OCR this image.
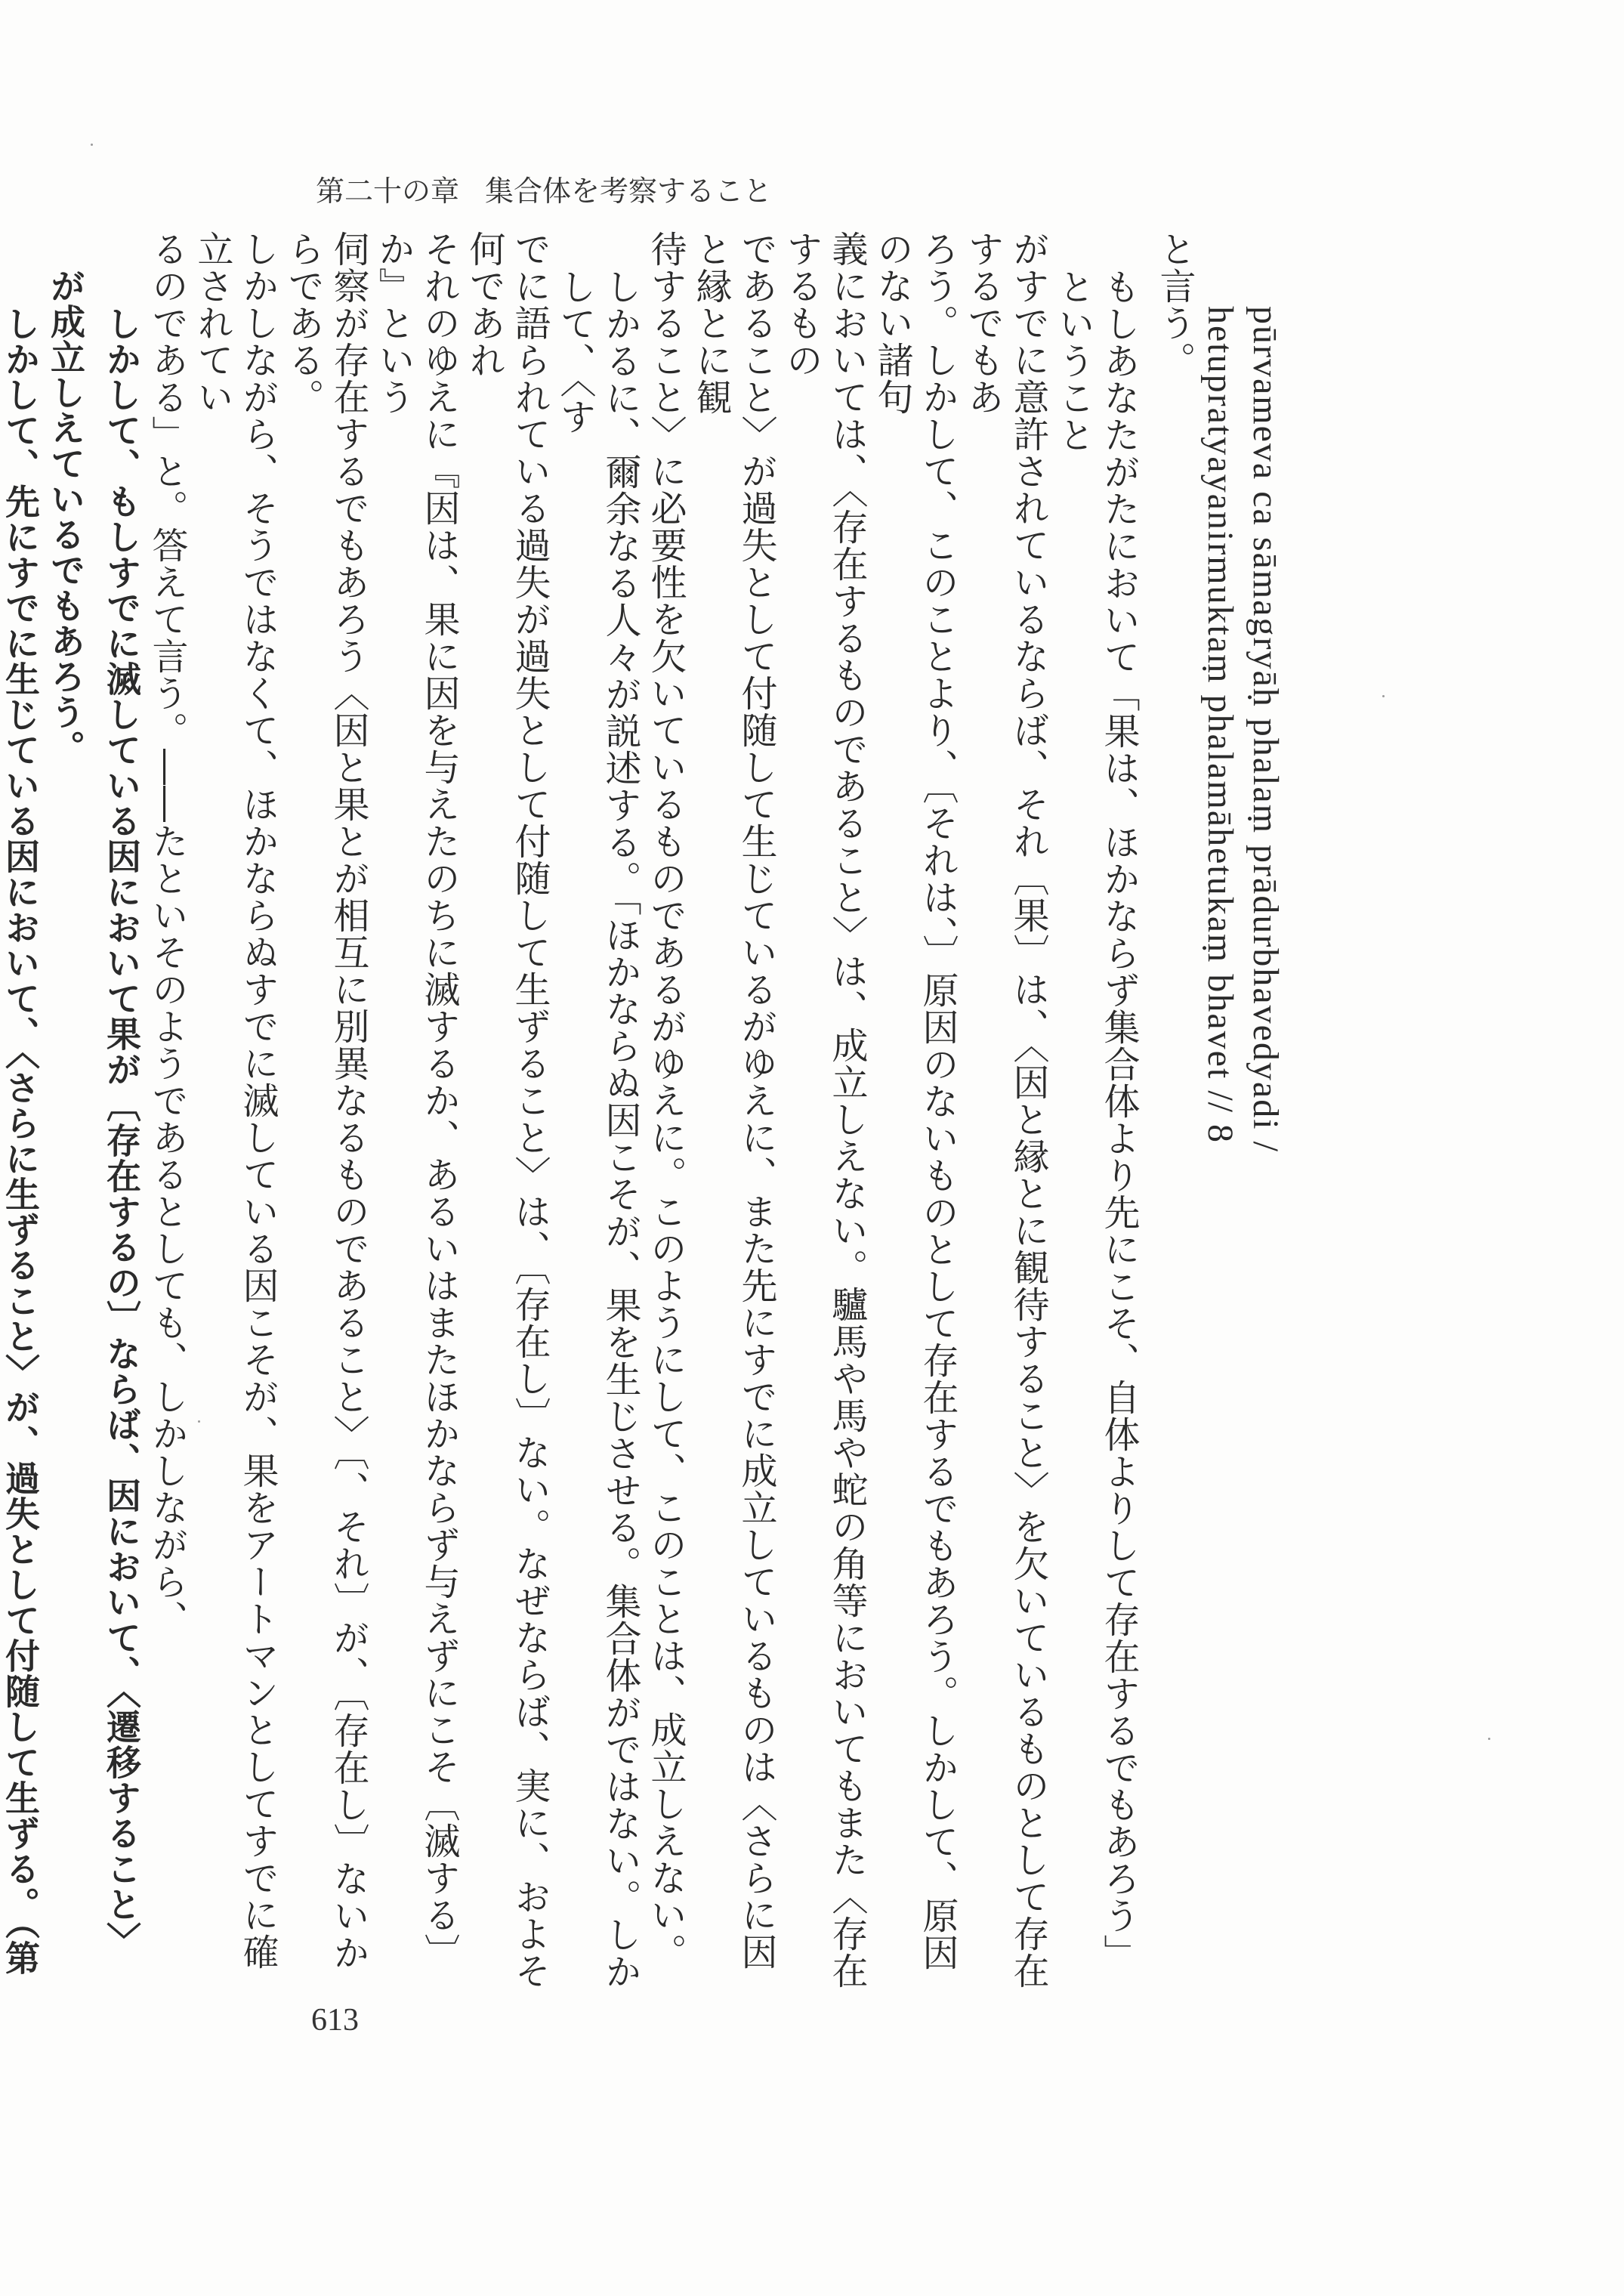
第二十の章 集合体を考察すること
pūrvameva ca sāmagryāḥ phalaṃ prādurbhavedyadi /
hetupratyayanirmuktaṃ phalamāhetukaṃ bhavet // 8
と言う。
もしあなたがたにおいて「果は、ほかならず集合体より先にこそ、自体よりして存在するでもあろう」ということ
がすでに意許されているならば、それ〔果〕は、〈因と縁とに観待すること〉を欠いているものとして存在するでもあ
ろう。しかして、このことより、〔それは、〕原因のないものとして存在するでもあろう。しかして、原因のない諸句
義においては、〈存在するものであること〉は、成立しえない。驢馬や馬や蛇の角等においてもまた〈存在するもの
であること〉が過失として付随して生じているがゆえに、また先にすでに成立しているものは〈さらに因と縁とに観
待すること〉に必要性を欠いているものであるがゆえに。このようにして、このことは、成立しえない。
しかるに、爾余なる人々が説述する。「ほかならぬ因こそが、果を生じさせる。集合体がではない。しかして、〈す
でに語られている過失が過失として付随して生ずること〉は、〔存在し〕ない。なぜならば、実に、およそ何であれ
それのゆえに『因は、果に因を与えたのちに滅するか、あるいはまたほかならず与えずにこそ〔滅する〕か』という
伺察が存在するでもあろう〈因と果とが相互に別異なるものであること〉〔、それ〕が、〔存在し〕ないからである。
しかしながら、そうではなくて、ほかならぬすでに滅している因こそが、果をアートマンとしてすでに確立されてい
るのである」と。答えて言う。――たといそのようであるとしても、しかしながら、
しかして、もしすでに滅している因において果が〔存在するの〕ならば、因において、〈遷移すること〉
が成立しえているでもあろう。
しかして、先にすでに生じている因において、〈さらに生ずること〉が、過失として付随して生ずる。（第
613
